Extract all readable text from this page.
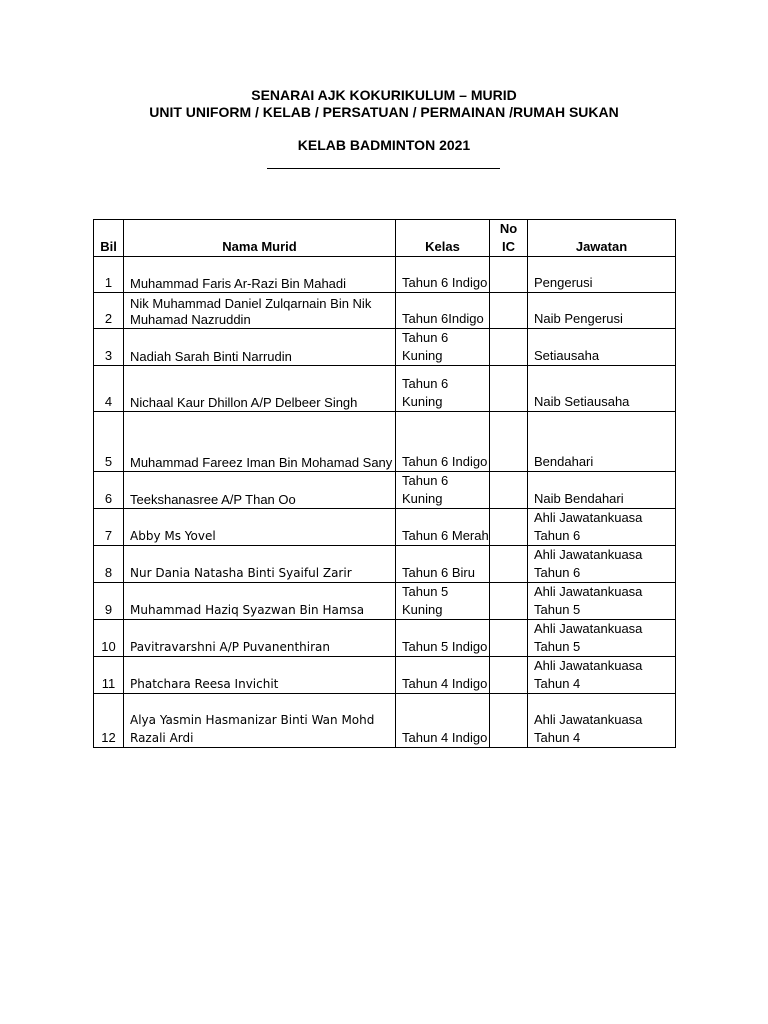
SENARAI AJK KOKURIKULUM – MURID
UNIT UNIFORM / KELAB / PERSATUAN / PERMAINAN /RUMAH SUKAN
KELAB BADMINTON 2021
Bil	Nama Murid	Kelas	No IC	Jawatan
1	Muhammad Faris Ar-Razi Bin Mahadi	Tahun 6 Indigo		Pengerusi
2	Nik Muhammad Daniel Zulqarnain Bin Nik Muhamad Nazruddin	Tahun 6Indigo		Naib Pengerusi
3	Nadiah Sarah Binti Narrudin	Tahun 6 Kuning		Setiausaha
4	Nichaal Kaur Dhillon A/P Delbeer Singh	Tahun 6 Kuning		Naib Setiausaha
5	Muhammad Fareez Iman Bin Mohamad Sany	Tahun 6 Indigo		Bendahari
6	Teekshanasree A/P Than Oo	Tahun 6 Kuning		Naib Bendahari
7	Abby Ms Yovel	Tahun 6 Merah		Ahli Jawatankuasa Tahun 6
8	Nur Dania Natasha Binti Syaiful Zarir	Tahun 6 Biru		Ahli Jawatankuasa Tahun 6
9	Muhammad Haziq Syazwan Bin Hamsa	Tahun 5 Kuning		Ahli Jawatankuasa Tahun 5
10	Pavitravarshni A/P Puvanenthiran	Tahun 5 Indigo		Ahli Jawatankuasa Tahun 5
11	Phatchara Reesa Invichit	Tahun 4 Indigo		Ahli Jawatankuasa Tahun 4
12	Alya Yasmin Hasmanizar Binti Wan Mohd Razali Ardi	Tahun 4 Indigo		Ahli Jawatankuasa Tahun 4
